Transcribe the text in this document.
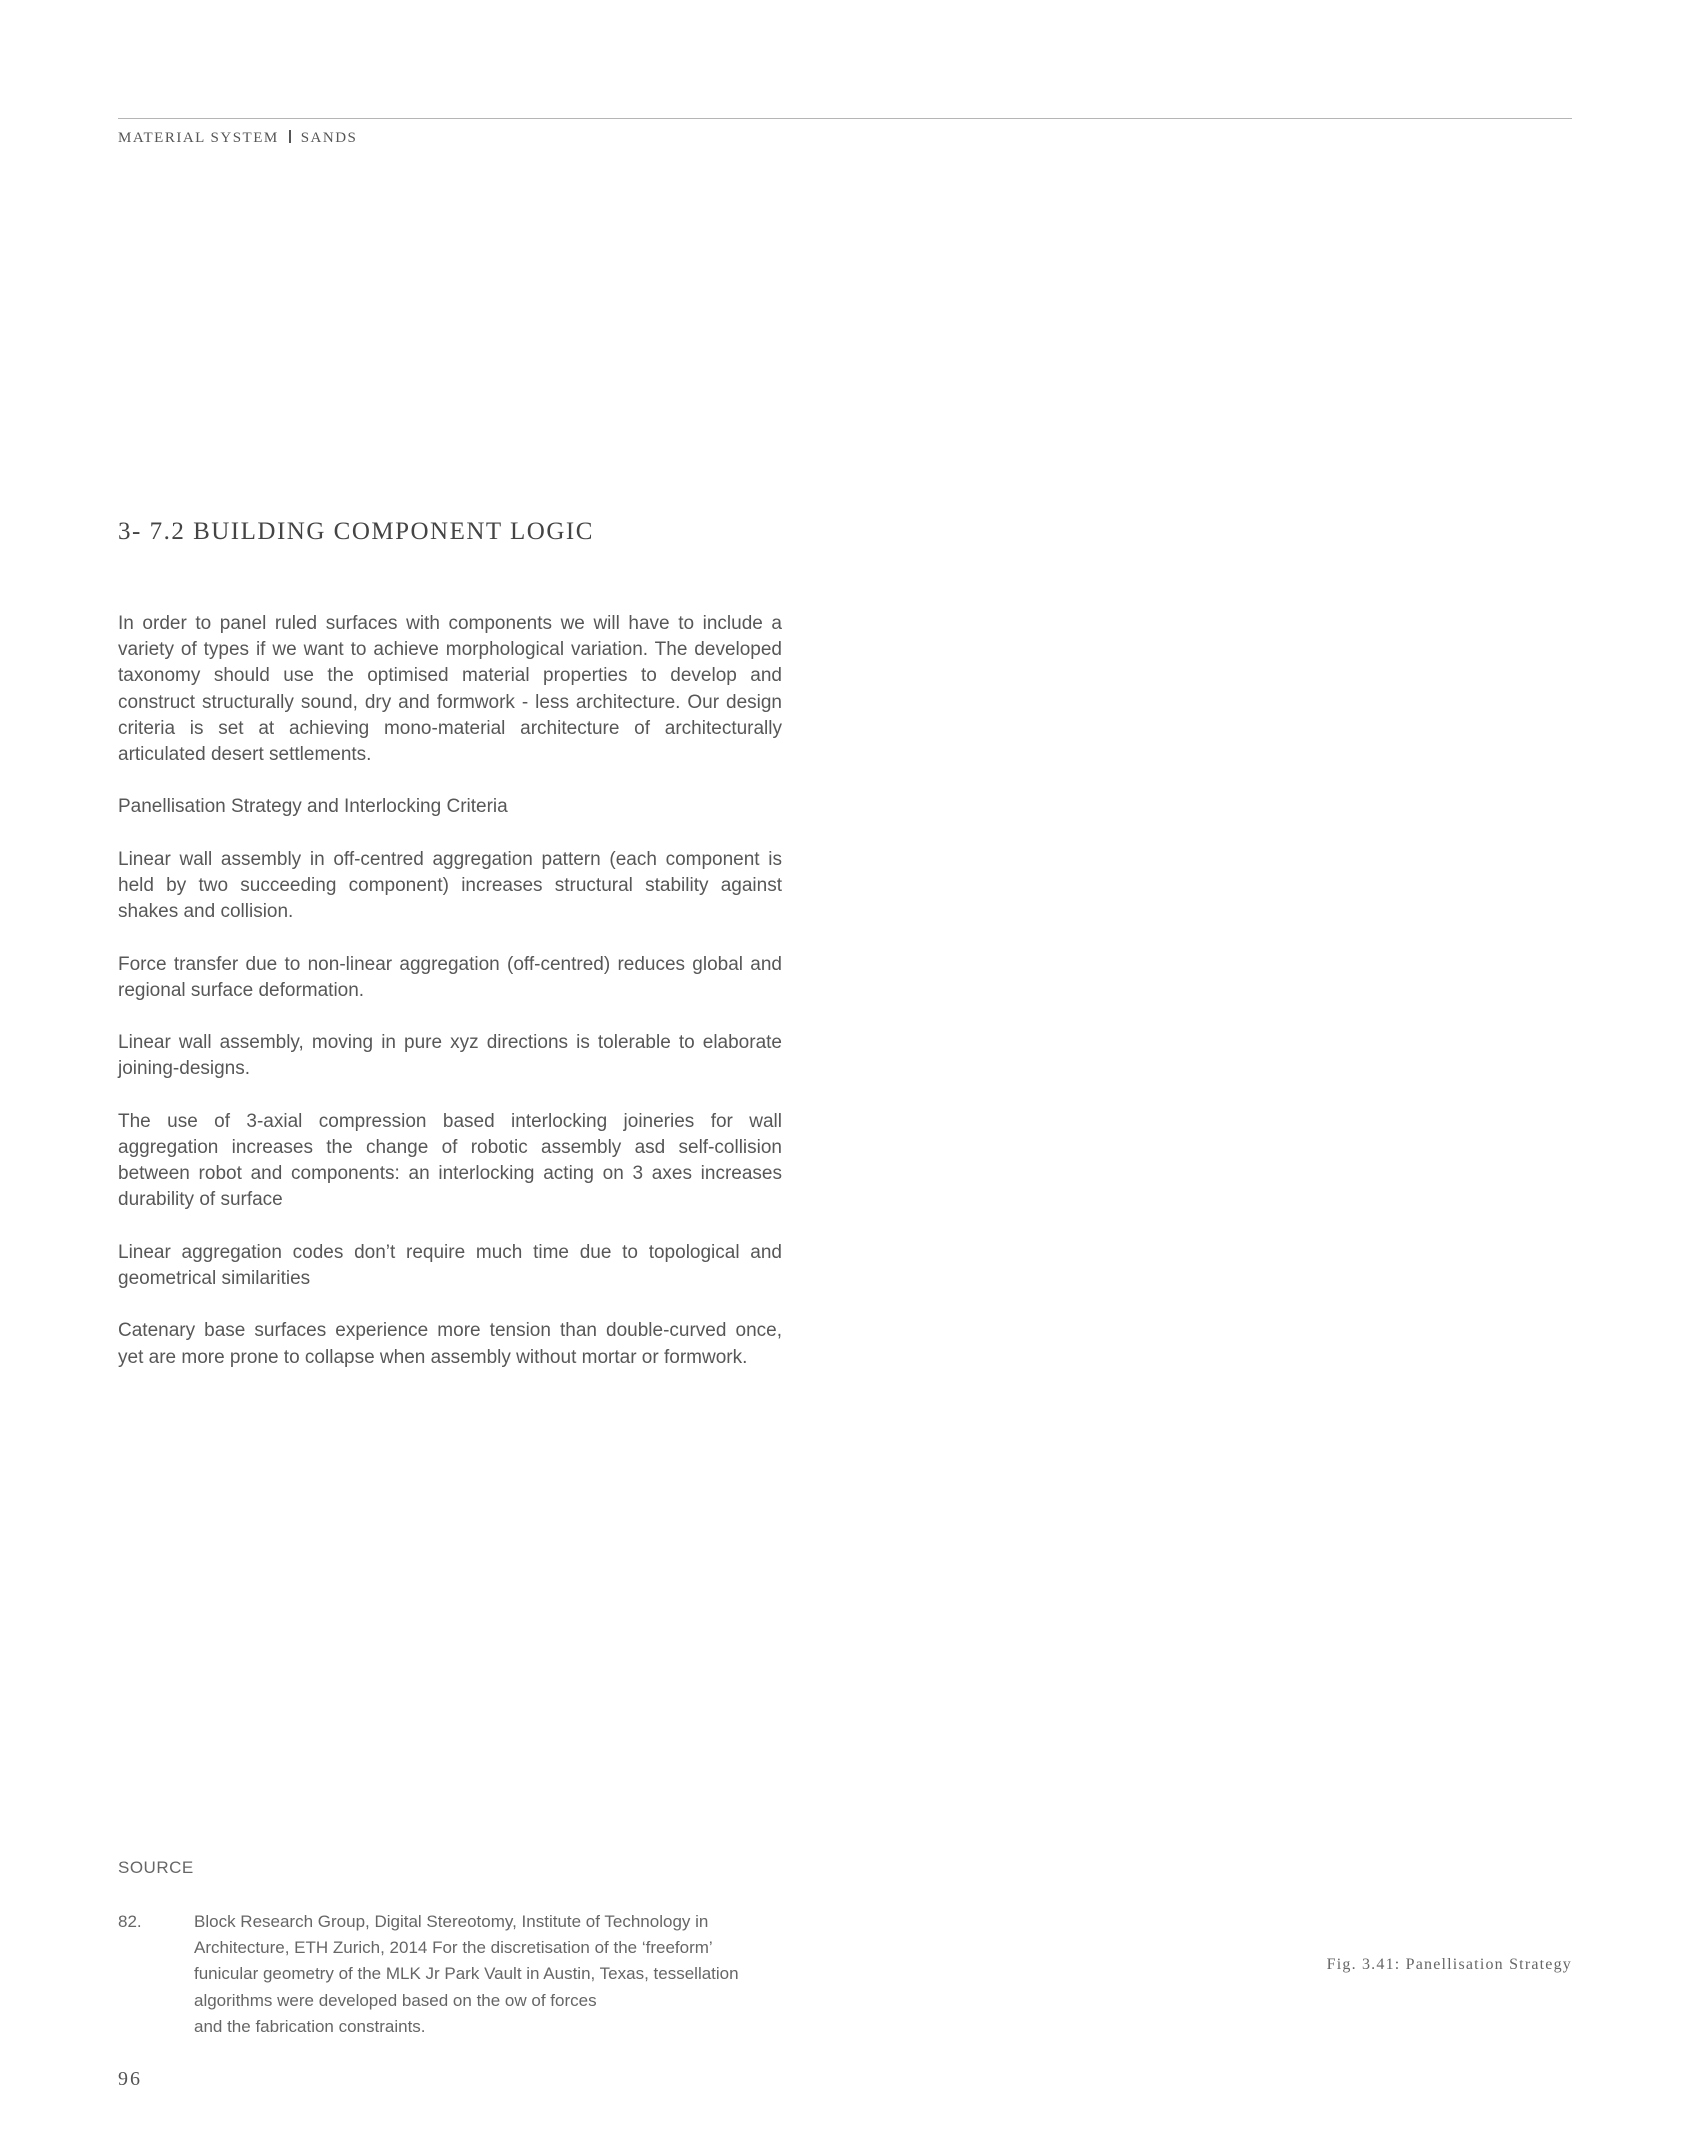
MATERIAL SYSTEM SANDS
3- 7.2 BUILDING COMPONENT LOGIC

In order to panel ruled surfaces with components we will have to include a variety of types if we want to achieve morphological variation. The developed taxonomy should use the optimised material properties to develop and construct structurally sound, dry and formwork - less architecture. Our design criteria is set at achieving mono-material architecture of architecturally articulated desert settlements.

Panellisation Strategy and Interlocking Criteria

Linear wall assembly in off-centred aggregation pattern (each component is held by two succeeding component) increases structural stability against shakes and collision.

Force transfer due to non-linear aggregation (off-centred) reduces global and regional surface deformation.

Linear wall assembly, moving in pure xyz directions is tolerable to elaborate joining-designs.

The use of 3-axial compression based interlocking joineries for wall aggregation increases the change of robotic assembly asd self-collision between robot and components: an interlocking acting on 3 axes increases durability of surface

Linear aggregation codes don’t require much time due to topological and geometrical similarities

Catenary base surfaces experience more tension than double-curved once, yet are more prone to collapse when assembly without mortar or formwork.

SOURCE
82.	Block Research Group, Digital Stereotomy, Institute of Technology in
Architecture, ETH Zurich, 2014 For the discretisation of the ‘freeform’
funicular geometry of the MLK Jr Park Vault in Austin, Texas, tessellation
algorithms were developed based on the ow of forces
and the fabrication constraints.
Fig. 3.41: Panellisation Strategy
96
